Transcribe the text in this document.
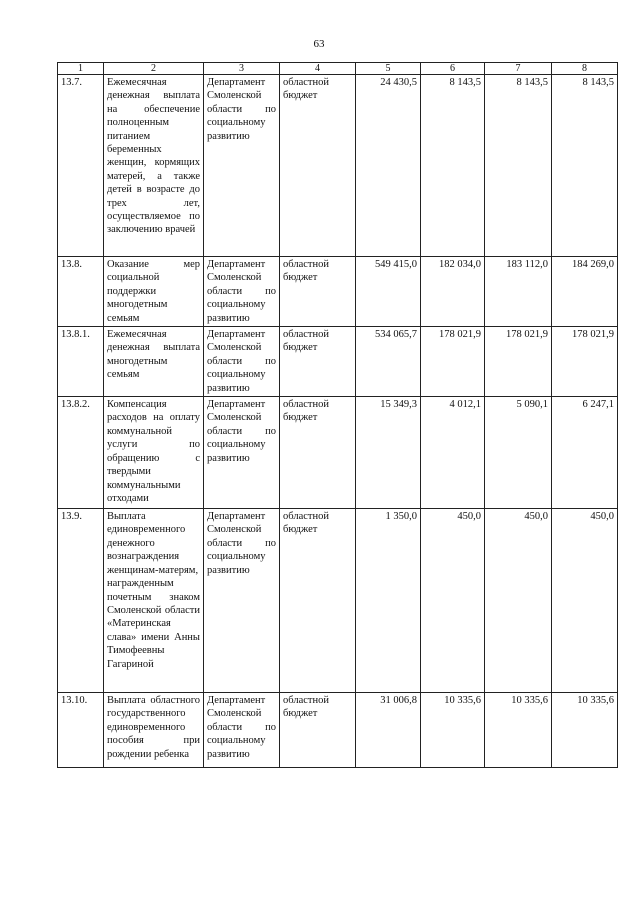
63
1	2	3	4	5	6	7	8
13.7.	Ежемесячная денежная выплата на обеспечение полноценным питанием беременных женщин, кормящих матерей, а также детей в возрасте до трех лет, осуществляемое по заключению врачей	Департамент Смоленской области по социальному развитию	областной бюджет	24 430,5	8 143,5	8 143,5	8 143,5
13.8.	Оказание мер социальной поддержки многодетным семьям	Департамент Смоленской области по социальному развитию	областной бюджет	549 415,0	182 034,0	183 112,0	184 269,0
13.8.1.	Ежемесячная денежная выплата многодетным семьям	Департамент Смоленской области по социальному развитию	областной бюджет	534 065,7	178 021,9	178 021,9	178 021,9
13.8.2.	Компенсация расходов на оплату коммунальной услуги по обращению с твердыми коммунальными отходами	Департамент Смоленской области по социальному развитию	областной бюджет	15 349,3	4 012,1	5 090,1	6 247,1
13.9.	Выплата единовременного денежного вознаграждения женщинам-матерям, награжденным почетным знаком Смоленской области «Материнская слава» имени Анны Тимофеевны Гагариной	Департамент Смоленской области по социальному развитию	областной бюджет	1 350,0	450,0	450,0	450,0
13.10.	Выплата областного государственного единовременного пособия при рождении ребенка	Департамент Смоленской области по социальному развитию	областной бюджет	31 006,8	10 335,6	10 335,6	10 335,6
